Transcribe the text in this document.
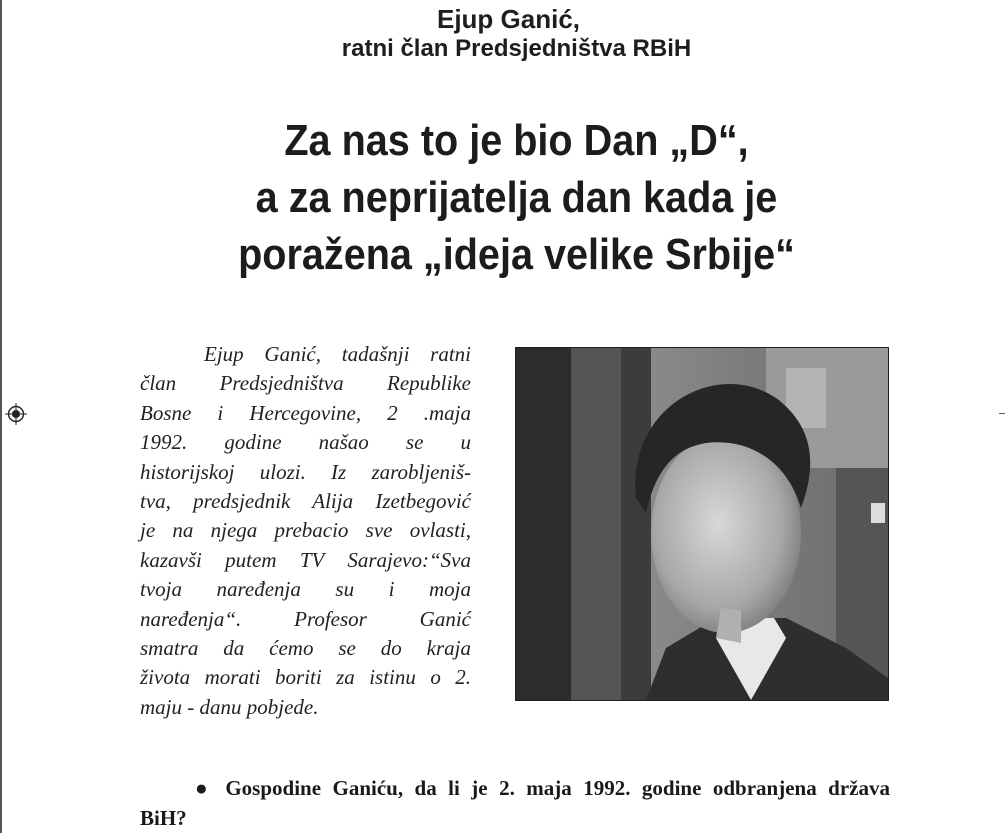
Ejup Ganić,
ratni član Predsjedništva RBiH
Za nas to je bio Dan „D“,
a za neprijatelja dan kada je
poražena „ideja velike Srbije“
Ejup Ganić, tadašnji ratni
član Predsjedništva Republike
Bosne i Hercegovine, 2 .maja
1992. godine našao se u
historijskoj ulozi. Iz zarobljeniš-
tva, predsjednik Alija Izetbegović
je na njega prebacio sve ovlasti,
kazavši putem TV Sarajevo:“Sva
tvoja naređenja su i moja
naređenja“. Profesor Ganić
smatra da ćemo se do kraja
života morati boriti za istinu o 2.
maju - danu pobjede.
● Gospodine Ganiću, da li je 2. maja 1992. godine odbranjena država
BiH?
